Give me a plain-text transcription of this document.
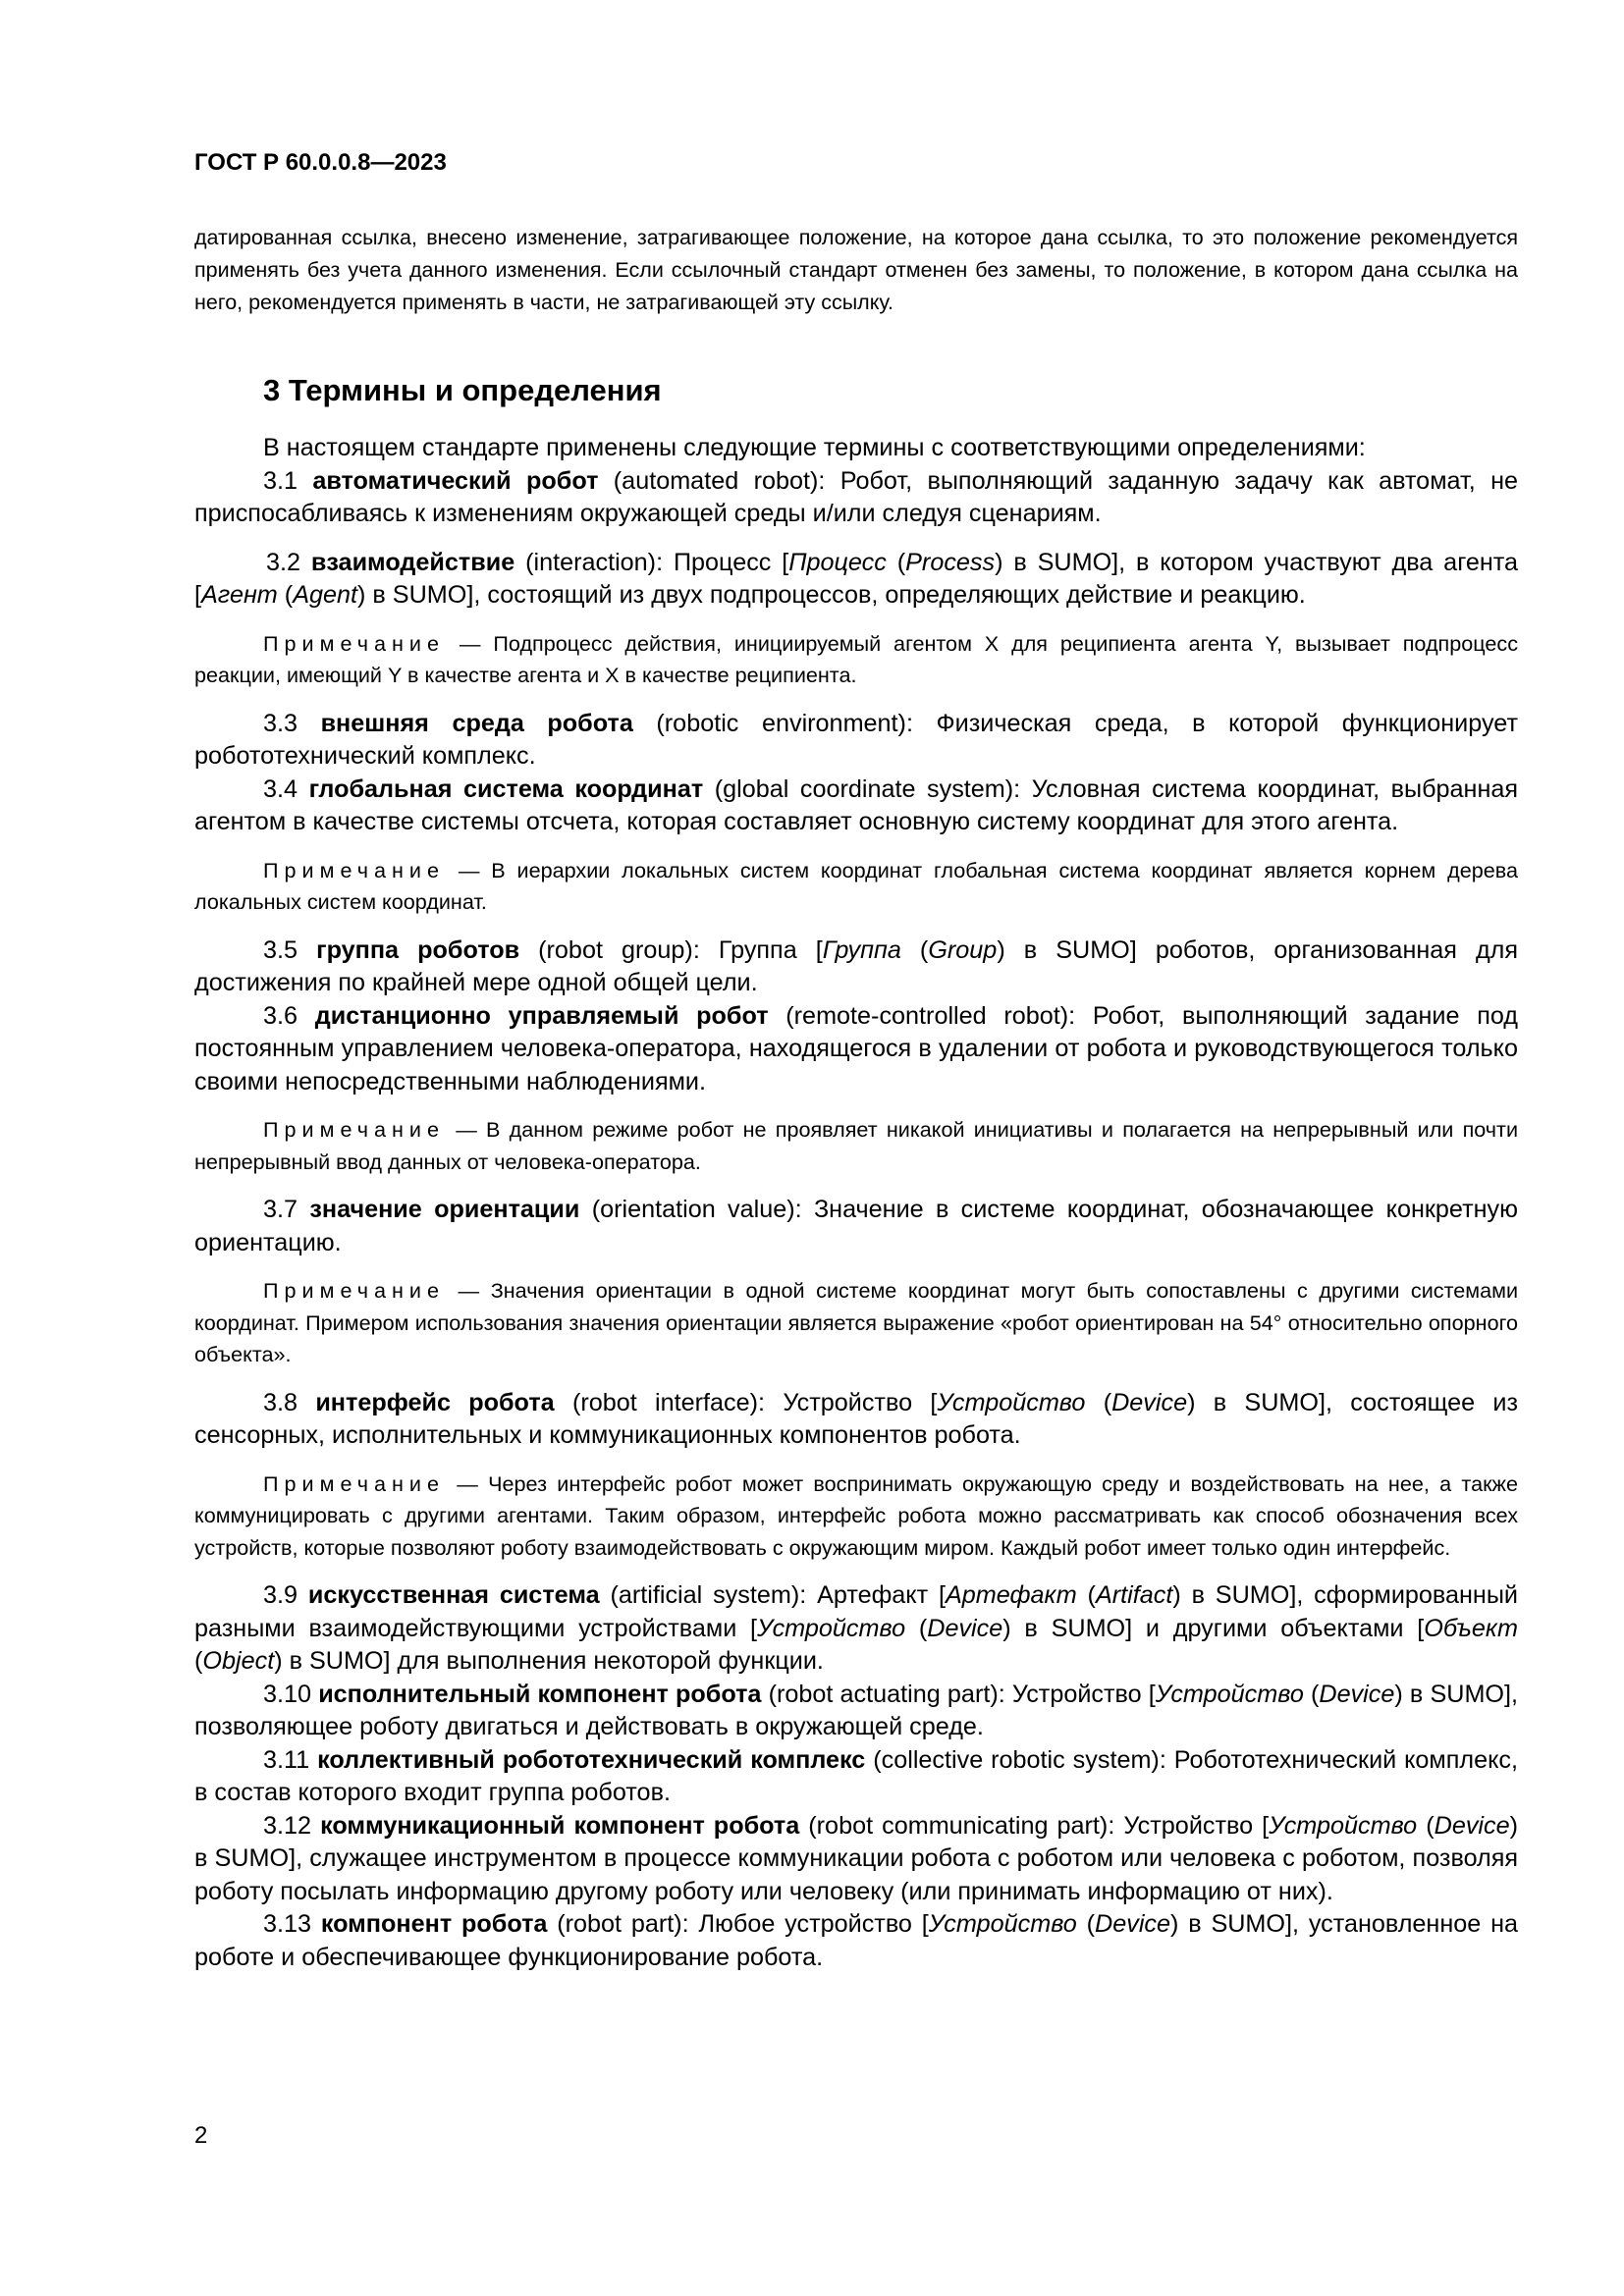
ГОСТ Р 60.0.0.8—2023

датированная ссылка, внесено изменение, затрагивающее положение, на которое дана ссылка, то это положение рекомендуется применять без учета данного изменения. Если ссылочный стандарт отменен без замены, то положение, в котором дана ссылка на него, рекомендуется применять в части, не затрагивающей эту ссылку.

3 Термины и определения

В настоящем стандарте применены следующие термины с соответствующими определениями:

3.1 автоматический робот (automated robot): Робот, выполняющий заданную задачу как автомат, не приспосабливаясь к изменениям окружающей среды и/или следуя сценариям.

3.2 взаимодействие (interaction): Процесс [Процесс (Process) в SUMO], в котором участвуют два агента [Агент (Agent) в SUMO], состоящий из двух подпроцессов, определяющих действие и реакцию.

Примечание — Подпроцесс действия, инициируемый агентом X для реципиента агента Y, вызывает подпроцесс реакции, имеющий Y в качестве агента и X в качестве реципиента.

3.3 внешняя среда робота (robotic environment): Физическая среда, в которой функционирует робототехнический комплекс.

3.4 глобальная система координат (global coordinate system): Условная система координат, выбранная агентом в качестве системы отсчета, которая составляет основную систему координат для этого агента.

Примечание — В иерархии локальных систем координат глобальная система координат является корнем дерева локальных систем координат.

3.5 группа роботов (robot group): Группа [Группа (Group) в SUMO] роботов, организованная для достижения по крайней мере одной общей цели.

3.6 дистанционно управляемый робот (remote-controlled robot): Робот, выполняющий задание под постоянным управлением человека-оператора, находящегося в удалении от робота и руководствующегося только своими непосредственными наблюдениями.

Примечание — В данном режиме робот не проявляет никакой инициативы и полагается на непрерывный или почти непрерывный ввод данных от человека-оператора.

3.7 значение ориентации (orientation value): Значение в системе координат, обозначающее конкретную ориентацию.

Примечание — Значения ориентации в одной системе координат могут быть сопоставлены с другими системами координат. Примером использования значения ориентации является выражение «робот ориентирован на 54° относительно опорного объекта».

3.8 интерфейс робота (robot interface): Устройство [Устройство (Device) в SUMO], состоящее из сенсорных, исполнительных и коммуникационных компонентов робота.

Примечание — Через интерфейс робот может воспринимать окружающую среду и воздействовать на нее, а также коммуницировать с другими агентами. Таким образом, интерфейс робота можно рассматривать как способ обозначения всех устройств, которые позволяют роботу взаимодействовать с окружающим миром. Каждый робот имеет только один интерфейс.

3.9 искусственная система (artificial system): Артефакт [Артефакт (Artifact) в SUMO], сформированный разными взаимодействующими устройствами [Устройство (Device) в SUMO] и другими объектами [Объект (Object) в SUMO] для выполнения некоторой функции.

3.10 исполнительный компонент робота (robot actuating part): Устройство [Устройство (Device) в SUMO], позволяющее роботу двигаться и действовать в окружающей среде.

3.11 коллективный робототехнический комплекс (collective robotic system): Робототехнический комплекс, в состав которого входит группа роботов.

3.12 коммуникационный компонент робота (robot communicating part): Устройство [Устройство (Device) в SUMO], служащее инструментом в процессе коммуникации робота с роботом или человека с роботом, позволяя роботу посылать информацию другому роботу или человеку (или принимать информацию от них).

3.13 компонент робота (robot part): Любое устройство [Устройство (Device) в SUMO], установленное на роботе и обеспечивающее функционирование робота.

2
